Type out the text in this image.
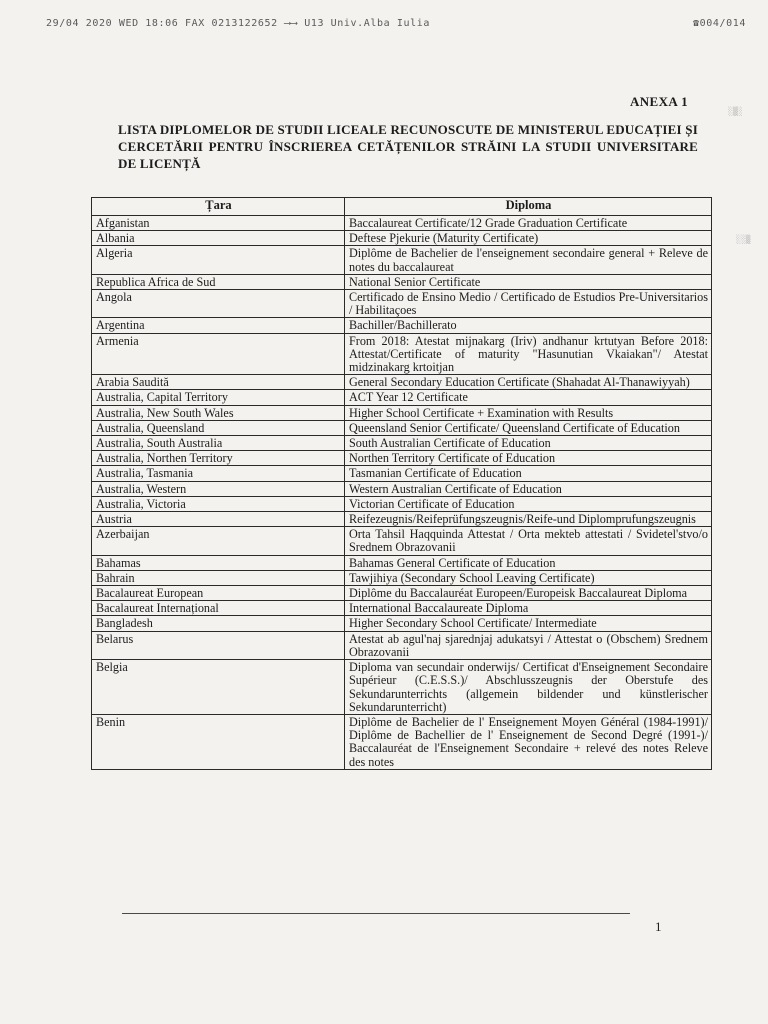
29/04 2020 WED 18:06 FAX 0213122652 ⟶⟶ U13 Univ.Alba Iulia	☎004/014
ANEXA 1
LISTA DIPLOMELOR DE STUDII LICEALE RECUNOSCUTE DE MINISTERUL EDUCAȚIEI ȘI CERCETĂRII PENTRU ÎNSCRIEREA CETĂȚENILOR STRĂINI LA STUDII UNIVERSITARE DE LICENȚĂ
Țara	Diploma
Afganistan	Baccalaureat Certificate/12 Grade Graduation Certificate
Albania	Deftese Pjekurie (Maturity Certificate)
Algeria	Diplôme de Bachelier de l'enseignement secondaire general + Releve de notes du baccalaureat
Republica Africa de Sud	National Senior Certificate
Angola	Certificado de Ensino Medio / Certificado de Estudios Pre-Universitarios / Habilitaçoes
Argentina	Bachiller/Bachillerato
Armenia	From 2018: Atestat mijnakarg (Iriv) andhanur krtutyan Before 2018: Attestat/Certificate of maturity "Hasunutian Vkaiakan"/ Atestat midzinakarg krtoitjan
Arabia Saudită	General Secondary Education Certificate (Shahadat Al-Thanawiyyah)
Australia, Capital Territory	ACT Year 12 Certificate
Australia, New South Wales	Higher School Certificate + Examination with Results
Australia, Queensland	Queensland Senior Certificate/ Queensland Certificate of Education
Australia, South Australia	South Australian Certificate of Education
Australia, Northen Territory	Northen Territory Certificate of Education
Australia, Tasmania	Tasmanian Certificate of Education
Australia, Western	Western Australian Certificate of Education
Australia, Victoria	Victorian Certificate of Education
Austria	Reifezeugnis/Reifeprüfungszeugnis/Reife-und Diplomprufungszeugnis
Azerbaijan	Orta Tahsil Haqquinda Attestat / Orta mekteb attestati / Svidetel'stvo/o Srednem Obrazovanii
Bahamas	Bahamas General Certificate of Education
Bahrain	Tawjihiya (Secondary School Leaving Certificate)
Bacalaureat European	Diplôme du Baccalauréat Europeen/Europeisk Baccalaureat Diploma
Bacalaureat Internațional	International Baccalaureate Diploma
Bangladesh	Higher Secondary School Certificate/ Intermediate
Belarus	Atestat ab agul'naj sjarednjaj adukatsyi / Attestat o (Obschem) Srednem Obrazovanii
Belgia	Diploma van secundair onderwijs/ Certificat d'Enseignement Secondaire Supérieur (C.E.S.S.)/ Abschlusszeugnis der Oberstufe des Sekundarunterrichts (allgemein bildender und künstlerischer Sekundarunterricht)
Benin	Diplôme de Bachelier de l' Enseignement Moyen Général (1984-1991)/ Diplôme de Bachellier de l' Enseignement de Second Degré (1991-)/ Baccalauréat de l'Enseignement Secondaire + relevé des notes Releve des notes
1
░▒░
░░▒
